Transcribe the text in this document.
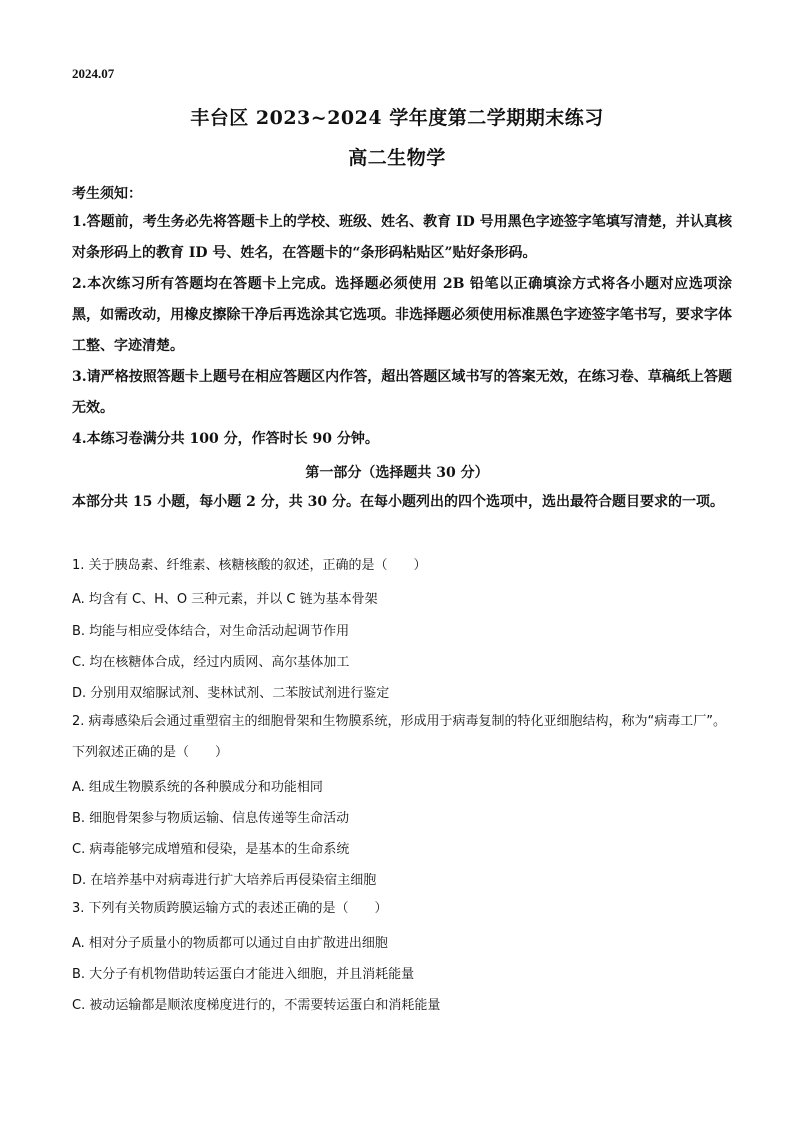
2024.07
丰台区 2023~2024 学年度第二学期期末练习
高二生物学
考生须知：
1.答题前，考生务必先将答题卡上的学校、班级、姓名、教育 ID 号用黑色字迹签字笔填写清楚，并认真核对条形码上的教育 ID 号、姓名，在答题卡的“条形码粘贴区”贴好条形码。
2.本次练习所有答题均在答题卡上完成。选择题必须使用 2B 铅笔以正确填涂方式将各小题对应选项涂黑，如需改动，用橡皮擦除干净后再选涂其它选项。非选择题必须使用标准黑色字迹签字笔书写，要求字体工整、字迹清楚。
3.请严格按照答题卡上题号在相应答题区内作答，超出答题区域书写的答案无效，在练习卷、草稿纸上答题无效。
4.本练习卷满分共 100 分，作答时长 90 分钟。
第一部分（选择题共 30 分）
本部分共 15 小题，每小题 2 分，共 30 分。在每小题列出的四个选项中，选出最符合题目要求的一项。
1. 关于胰岛素、纤维素、核糖核酸的叙述，正确的是（　　）
A. 均含有 C、H、O 三种元素，并以 C 链为基本骨架
B. 均能与相应受体结合，对生命活动起调节作用
C. 均在核糖体合成，经过内质网、高尔基体加工
D. 分别用双缩脲试剂、斐林试剂、二苯胺试剂进行鉴定
2. 病毒感染后会通过重塑宿主的细胞骨架和生物膜系统，形成用于病毒复制的特化亚细胞结构，称为“病毒工厂”。下列叙述正确的是（　　）
A. 组成生物膜系统的各种膜成分和功能相同
B. 细胞骨架参与物质运输、信息传递等生命活动
C. 病毒能够完成增殖和侵染，是基本的生命系统
D. 在培养基中对病毒进行扩大培养后再侵染宿主细胞
3. 下列有关物质跨膜运输方式的表述正确的是（　　）
A. 相对分子质量小的物质都可以通过自由扩散进出细胞
B. 大分子有机物借助转运蛋白才能进入细胞，并且消耗能量
C. 被动运输都是顺浓度梯度进行的，不需要转运蛋白和消耗能量
